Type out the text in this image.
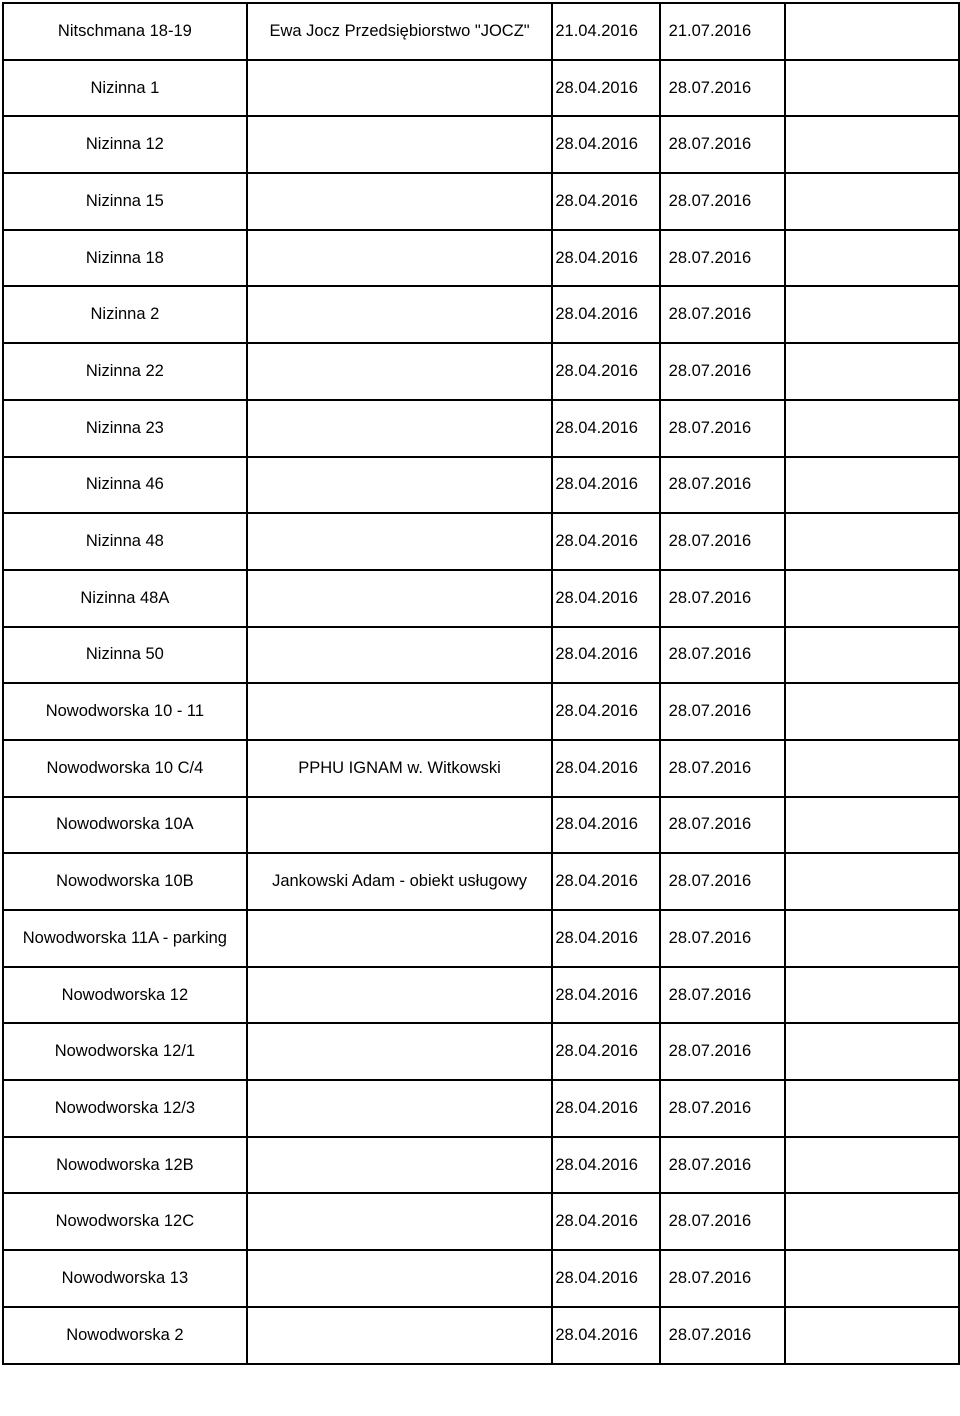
Nitschmana 18-19	Ewa Jocz Przedsiębiorstwo "JOCZ"	21.04.2016	21.07.2016	
Nizinna 1		28.04.2016	28.07.2016	
Nizinna 12		28.04.2016	28.07.2016	
Nizinna 15		28.04.2016	28.07.2016	
Nizinna 18		28.04.2016	28.07.2016	
Nizinna 2		28.04.2016	28.07.2016	
Nizinna 22		28.04.2016	28.07.2016	
Nizinna 23		28.04.2016	28.07.2016	
Nizinna 46		28.04.2016	28.07.2016	
Nizinna 48		28.04.2016	28.07.2016	
Nizinna 48A		28.04.2016	28.07.2016	
Nizinna 50		28.04.2016	28.07.2016	
Nowodworska 10 - 11		28.04.2016	28.07.2016	
Nowodworska 10 C/4	PPHU IGNAM w. Witkowski	28.04.2016	28.07.2016	
Nowodworska 10A		28.04.2016	28.07.2016	
Nowodworska 10B	Jankowski Adam - obiekt usługowy	28.04.2016	28.07.2016	
Nowodworska 11A - parking		28.04.2016	28.07.2016	
Nowodworska 12		28.04.2016	28.07.2016	
Nowodworska 12/1		28.04.2016	28.07.2016	
Nowodworska 12/3		28.04.2016	28.07.2016	
Nowodworska 12B		28.04.2016	28.07.2016	
Nowodworska 12C		28.04.2016	28.07.2016	
Nowodworska 13		28.04.2016	28.07.2016	
Nowodworska 2		28.04.2016	28.07.2016	
